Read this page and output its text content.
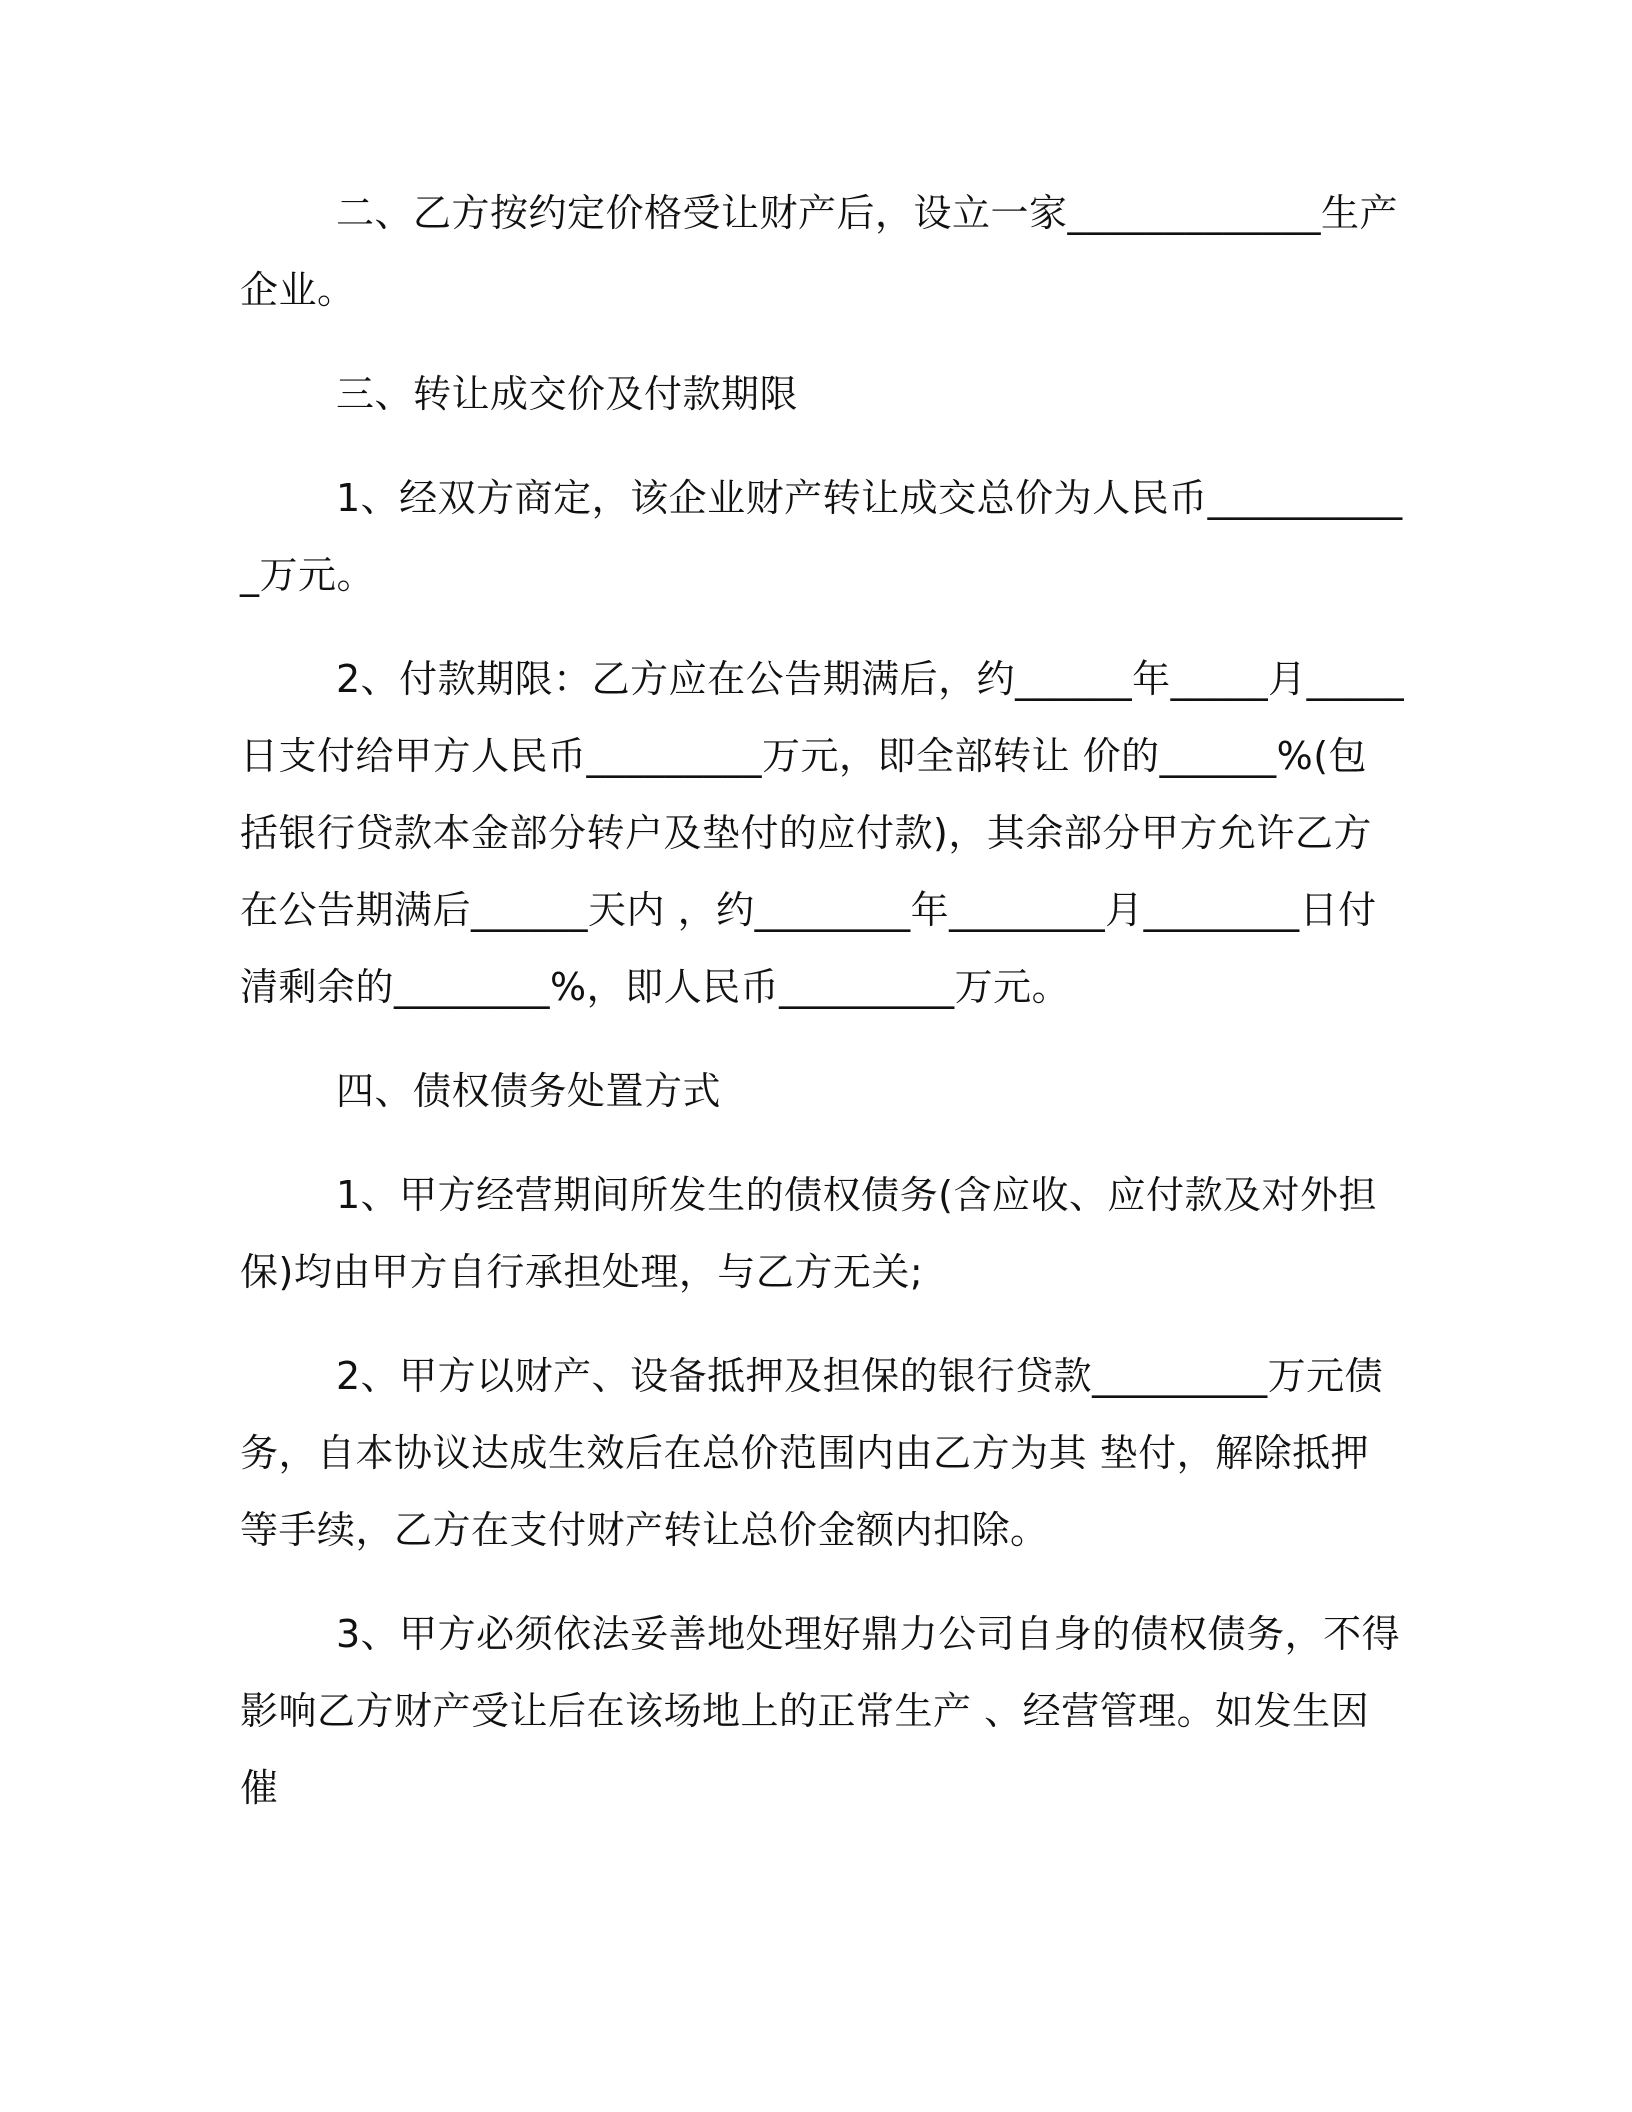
二、乙方按约定价格受让财产后，设立一家_____________生产企业。

三、转让成交价及付款期限

1、经双方商定，该企业财产转让成交总价为人民币___________万元。

2、付款期限：乙方应在公告期满后，约______年_____月_____日支付给甲方人民币_________万元，即全部转让 价的______%(包括银行贷款本金部分转户及垫付的应付款)，其余部分甲方允许乙方在公告期满后______天内 ，约________年________月________日付清剩余的________%，即人民币_________万元。

四、债权债务处置方式

1、甲方经营期间所发生的债权债务(含应收、应付款及对外担保)均由甲方自行承担处理，与乙方无关;

2、甲方以财产、设备抵押及担保的银行贷款_________万元债务，自本协议达成生效后在总价范围内由乙方为其 垫付，解除抵押等手续，乙方在支付财产转让总价金额内扣除。

3、甲方必须依法妥善地处理好鼎力公司自身的债权债务，不得影响乙方财产受让后在该场地上的正常生产 、经营管理。如发生因催
